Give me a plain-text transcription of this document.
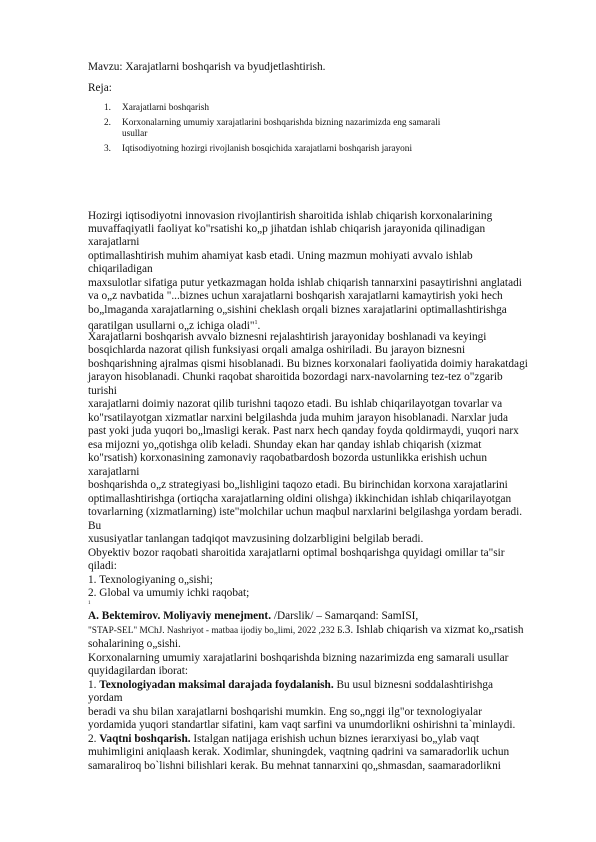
Mavzu: Xarajatlarni boshqarish va byudjetlashtirish.
Reja:
1. Xarajatlarni boshqarish
2. Korxonalarning umumiy xarajatlarini boshqarishda bizning nazarimizda eng samarali
usullar
3. Iqtisodiyotning hozirgi rivojlanish bosqichida xarajatlarni boshqarish jarayoni
Hozirgi iqtisodiyotni innovasion rivojlantirish sharoitida ishlab chiqarish korxonalarining
muvaffaqiyatli faoliyat ko"rsatishi ko„p jihatdan ishlab chiqarish jarayonida qilinadigan
xarajatlarni
optimallashtirish muhim ahamiyat kasb etadi. Uning mazmun mohiyati avvalo ishlab
chiqariladigan
maxsulotlar sifatiga putur yetkazmagan holda ishlab chiqarish tannarxini pasaytirishni anglatadi
va o„z navbatida "...biznes uchun xarajatlarni boshqarish xarajatlarni kamaytirish yoki hech
bo„lmaganda xarajatlarning o„sishini cheklash orqali biznes xarajatlarini optimallashtirishga
qaratilgan usullarni o„z ichiga oladi"$^1$.
Xarajatlarni boshqarish avvalo biznesni rejalashtirish jarayoniday boshlanadi va keyingi
bosqichlarda nazorat qilish funksiyasi orqali amalga oshiriladi. Bu jarayon biznesni
boshqarishning ajralmas qismi hisoblanadi. Bu biznes korxonalari faoliyatida doimiy harakatdagi
jarayon hisoblanadi. Chunki raqobat sharoitida bozordagi narx-navolarning tez-tez o"zgarib
turishi
xarajatlarni doimiy nazorat qilib turishni taqozo etadi. Bu ishlab chiqarilayotgan tovarlar va
ko"rsatilayotgan xizmatlar narxini belgilashda juda muhim jarayon hisoblanadi. Narxlar juda
past yoki juda yuqori bo„lmasligi kerak. Past narx hech qanday foyda qoldirmaydi, yuqori narx
esa mijozni yo„qotishga olib keladi. Shunday ekan har qanday ishlab chiqarish (xizmat
ko"rsatish) korxonasining zamonaviy raqobatbardosh bozorda ustunlikka erishish uchun
xarajatlarni
boshqarishda o„z strategiyasi bo„lishligini taqozo etadi. Bu birinchidan korxona xarajatlarini
optimallashtirishga (ortiqcha xarajatlarning oldini olishga) ikkinchidan ishlab chiqarilayotgan
tovarlarning (xizmatlarning) iste"molchilar uchun maqbul narxlarini belgilashga yordam beradi.
Bu
xususiyatlar tanlangan tadqiqot mavzusining dolzarbligini belgilab beradi.
Obyektiv bozor raqobati sharoitida xarajatlarni optimal boshqarishga quyidagi omillar ta"sir
qiladi:
1. Texnologiyaning o„sishi;
2. Global va umumiy ichki raqobat;
1
A. Bektemirov. Moliyaviy menejment. /Darslik/ – Samarqand: SamISI,
"STAP-SEL" MChJ. Nashriyot - matbaa ijodiy bo„limi, 2022 ,232 Б.3. Ishlab chiqarish va xizmat ko„rsatish
sohalarining o„sishi.
Korxonalarning umumiy xarajatlarini boshqarishda bizning nazarimizda eng samarali usullar
quyidagilardan iborat:
1. Texnologiyadan maksimal darajada foydalanish. Bu usul biznesni soddalashtirishga
yordam
beradi va shu bilan xarajatlarni boshqarishi mumkin. Eng so„nggi ilg"or texnologiyalar
yordamida yuqori standartlar sifatini, kam vaqt sarfini va unumdorlikni oshirishni ta`minlaydi.
2. Vaqtni boshqarish. Istalgan natijaga erishish uchun biznes ierarxiyasi bo„ylab vaqt
muhimligini aniqlaash kerak. Xodimlar, shuningdek, vaqtning qadrini va samaradorlik uchun
samaraliroq bo`lishni bilishlari kerak. Bu mehnat tannarxini qo„shmasdan, saamaradorlikni
